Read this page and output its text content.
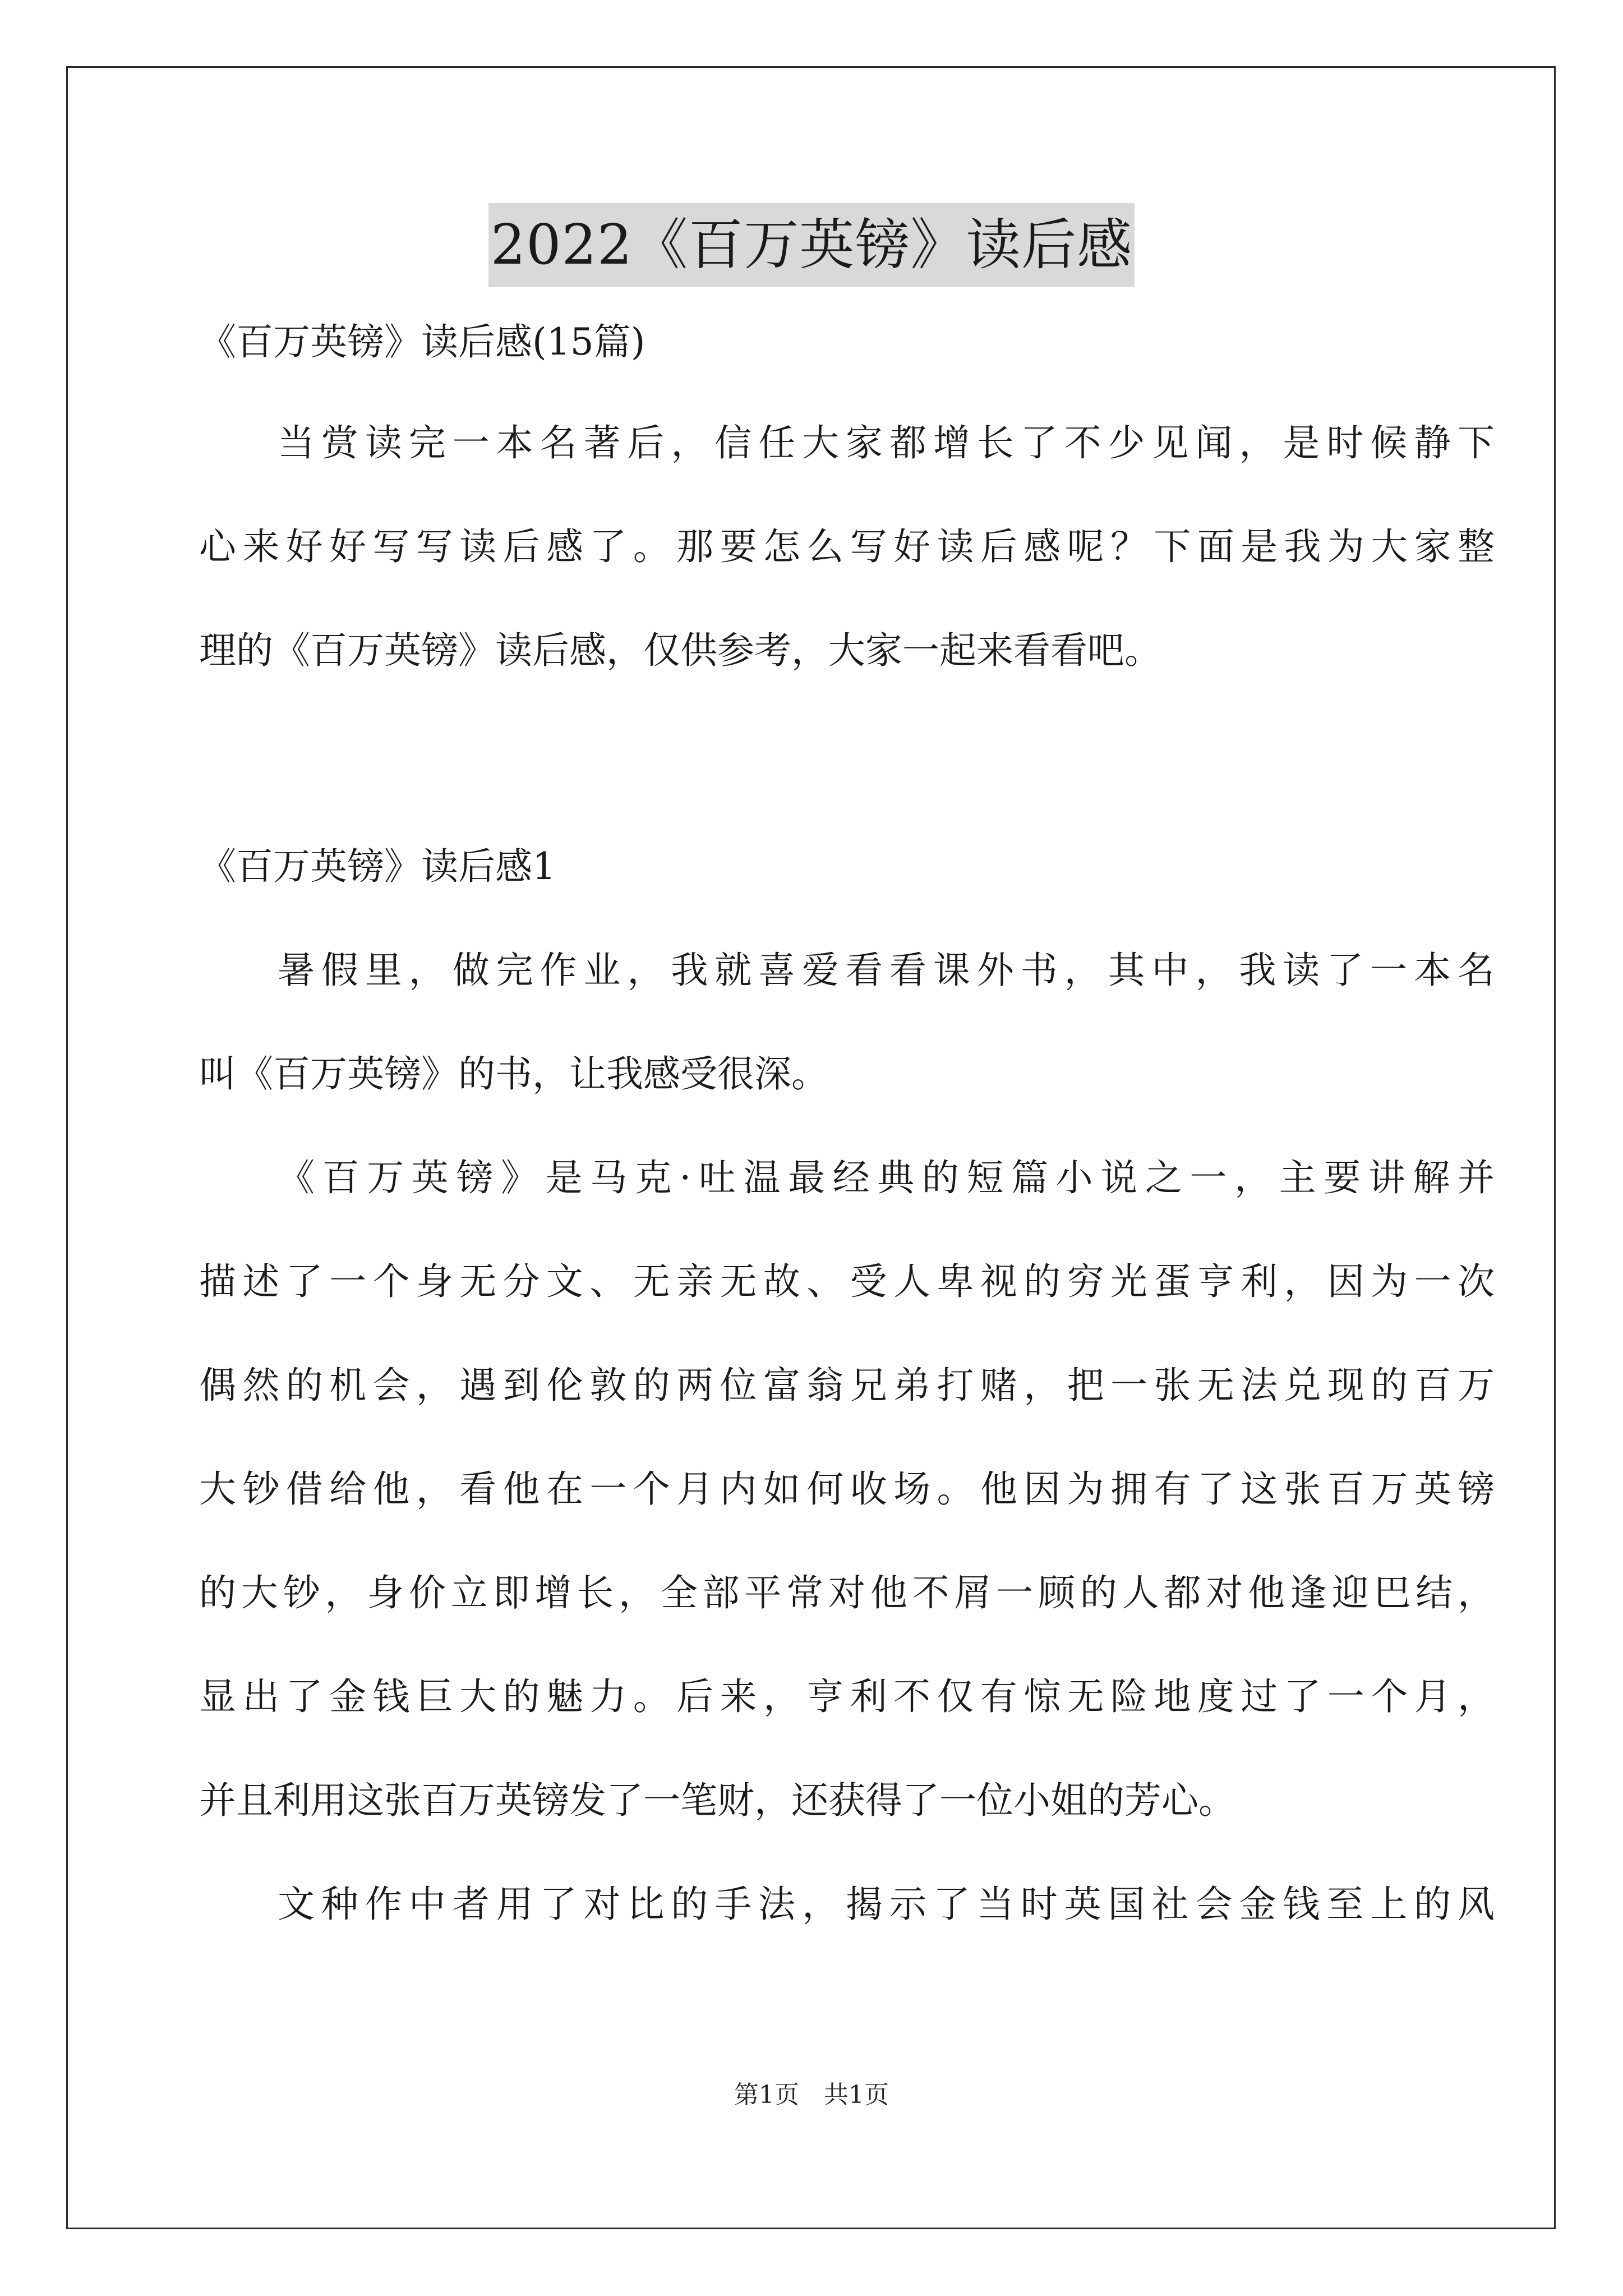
2022《百万英镑》读后感
《百万英镑》读后感(15篇)
当赏读完一本名著后，信任大家都增长了不少见闻，是时候静下
心来好好写写读后感了。那要怎么写好读后感呢？下面是我为大家整
理的《百万英镑》读后感，仅供参考，大家一起来看看吧。
《百万英镑》读后感1
暑假里，做完作业，我就喜爱看看课外书，其中，我读了一本名
叫《百万英镑》的书，让我感受很深。
《百万英镑》是马克·吐温最经典的短篇小说之一，主要讲解并
描述了一个身无分文、无亲无故、受人卑视的穷光蛋亨利，因为一次
偶然的机会，遇到伦敦的两位富翁兄弟打赌，把一张无法兑现的百万
大钞借给他，看他在一个月内如何收场。他因为拥有了这张百万英镑
的大钞，身价立即增长，全部平常对他不屑一顾的人都对他逢迎巴结，
显出了金钱巨大的魅力。后来，亨利不仅有惊无险地度过了一个月，
并且利用这张百万英镑发了一笔财，还获得了一位小姐的芳心。
文种作中者用了对比的手法，揭示了当时英国社会金钱至上的风
第1页　共1页
